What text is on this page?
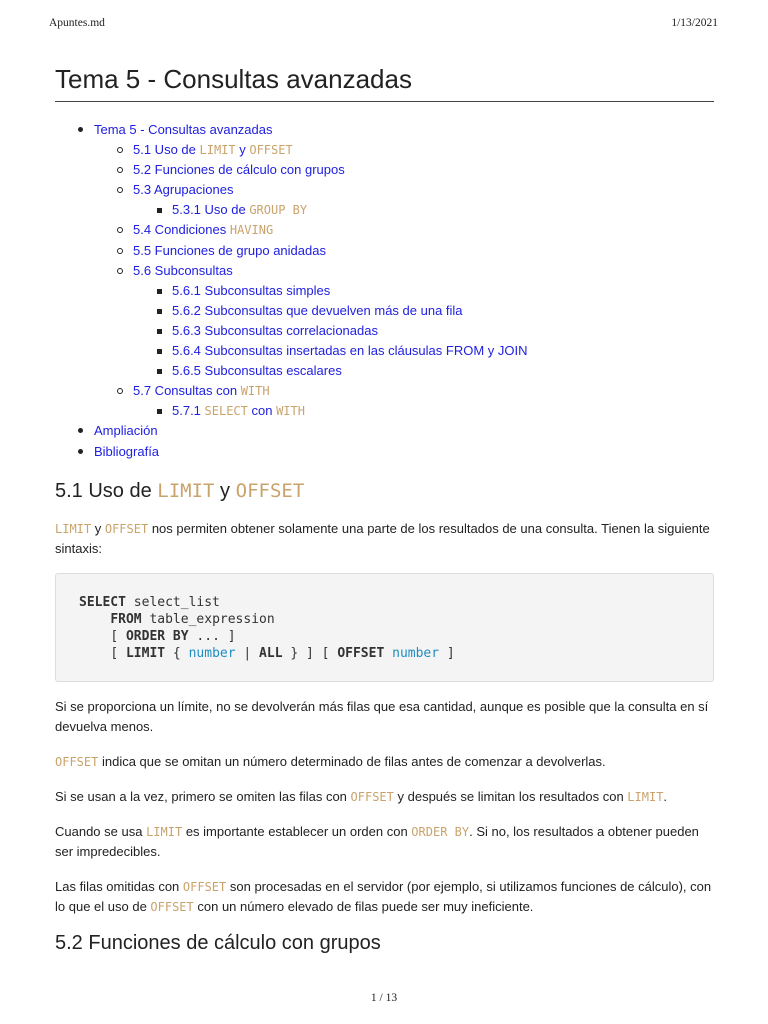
Apuntes.md	1/13/2021
Tema 5 - Consultas avanzadas
Tema 5 - Consultas avanzadas
5.1 Uso de LIMIT y OFFSET
5.2 Funciones de cálculo con grupos
5.3 Agrupaciones
5.3.1 Uso de GROUP BY
5.4 Condiciones HAVING
5.5 Funciones de grupo anidadas
5.6 Subconsultas
5.6.1 Subconsultas simples
5.6.2 Subconsultas que devuelven más de una fila
5.6.3 Subconsultas correlacionadas
5.6.4 Subconsultas insertadas en las cláusulas FROM y JOIN
5.6.5 Subconsultas escalares
5.7 Consultas con WITH
5.7.1 SELECT con WITH
Ampliación
Bibliografía
5.1 Uso de LIMIT y OFFSET

LIMIT y OFFSET nos permiten obtener solamente una parte de los resultados de una consulta. Tienen la siguiente sintaxis:

SELECT select_list
FROM table_expression
[ ORDER BY ... ]
[ LIMIT { number | ALL } ] [ OFFSET number ]

Si se proporciona un límite, no se devolverán más filas que esa cantidad, aunque es posible que la consulta en sí devuelva menos.

OFFSET indica que se omitan un número determinado de filas antes de comenzar a devolverlas.

Si se usan a la vez, primero se omiten las filas con OFFSET y después se limitan los resultados con LIMIT.

Cuando se usa LIMIT es importante establecer un orden con ORDER BY. Si no, los resultados a obtener pueden ser impredecibles.

Las filas omitidas con OFFSET son procesadas en el servidor (por ejemplo, si utilizamos funciones de cálculo), con lo que el uso de OFFSET con un número elevado de filas puede ser muy ineficiente.

5.2 Funciones de cálculo con grupos
1 / 13
